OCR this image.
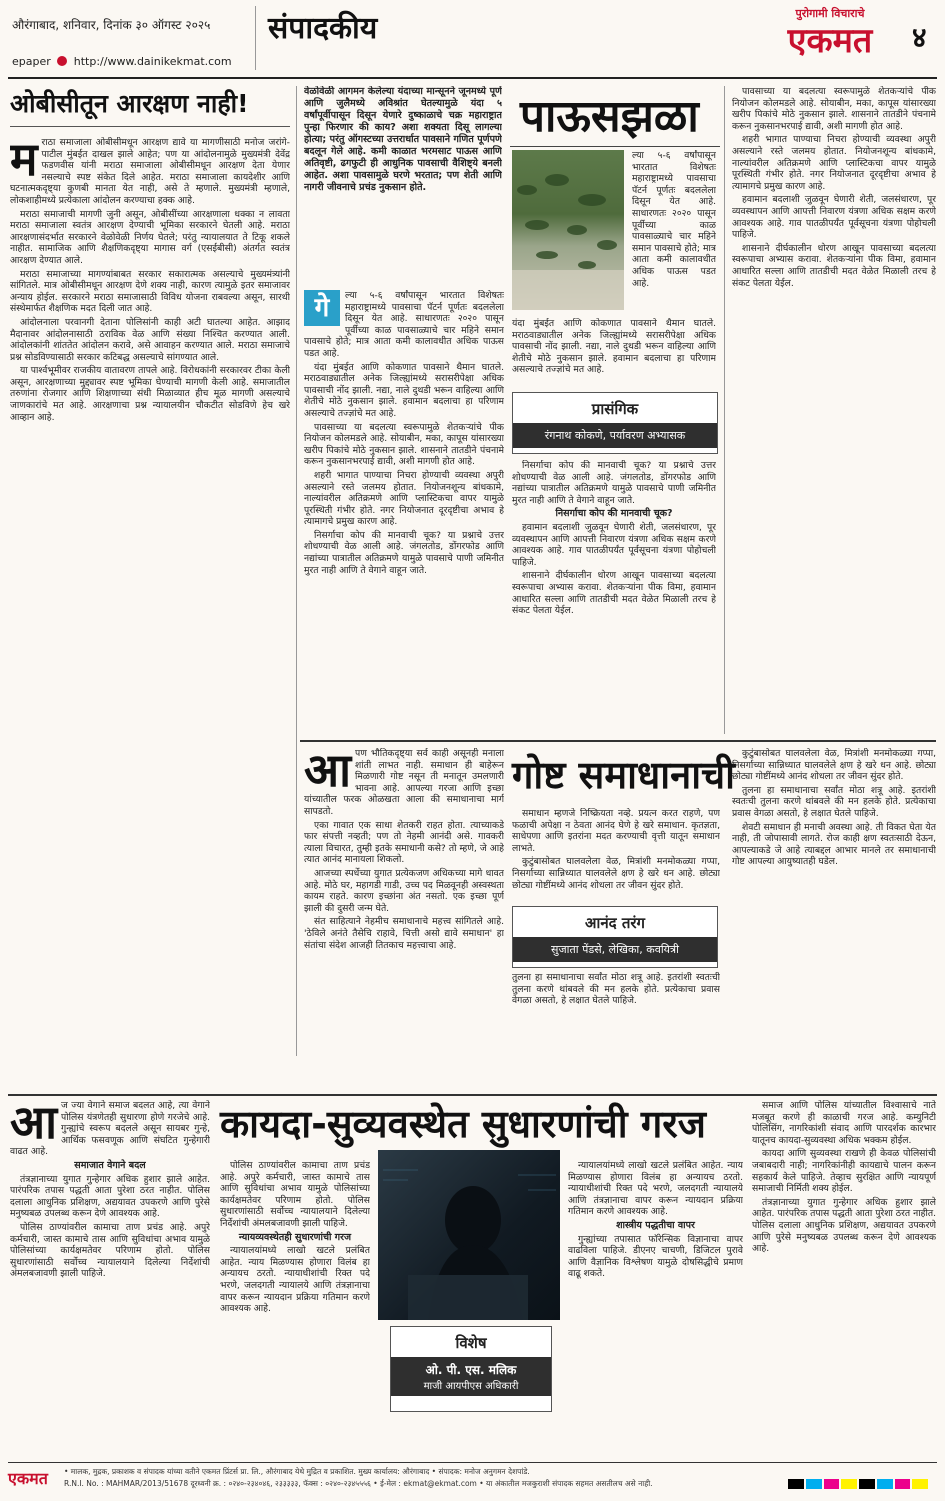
औरंगाबाद, शनिवार, दिनांक ३० ऑगस्ट २०२५ संपादकीय
epaper http://www.dainikekmat.com
पुरोगामी विचाराचे
एकमत	४
ओबीसीतून आरक्षण नाही!
म राठा समाजाला ओबीसीमधून आरक्षण द्यावे या मागणीसाठी मनोज जरांगे-पाटील मुंबईत दाखल झाले आहेत; पण या आंदोलनामुळे मुख्यमंत्री देवेंद्र फडणवीस यांनी मराठा समाजाला ओबीसीमधून आरक्षण देता येणार नसल्याचे स्पष्ट संकेत दिले आहेत. मराठा समाजाला कायदेशीर आणि घटनात्मकदृष्ट्या कुणबी मानता येत नाही, असे ते म्हणाले. मुख्यमंत्री म्हणाले, लोकशाहीमध्ये प्रत्येकाला आंदोलन करण्याचा हक्क आहे.

मराठा समाजाची मागणी जुनी असून, ओबीसींच्या आरक्षणाला धक्का न लावता मराठा समाजाला स्वतंत्र आरक्षण देण्याची भूमिका सरकारने घेतली आहे. मराठा आरक्षणासंदर्भात सरकारने वेळोवेळी निर्णय घेतले; परंतु न्यायालयात ते टिकू शकले नाहीत. सामाजिक आणि शैक्षणिकदृष्ट्या मागास वर्ग (एसईबीसी) अंतर्गत स्वतंत्र आरक्षण देण्यात आले.

मराठा समाजाच्या मागण्यांबाबत सरकार सकारात्मक असल्याचे मुख्यमंत्र्यांनी सांगितले. मात्र ओबीसीमधून आरक्षण देणे शक्य नाही, कारण त्यामुळे इतर समाजावर अन्याय होईल. सरकारने मराठा समाजासाठी विविध योजना राबवल्या असून, सारथी संस्थेमार्फत शैक्षणिक मदत दिली जात आहे.

आंदोलनाला परवानगी देताना पोलिसांनी काही अटी घातल्या आहेत. आझाद मैदानावर आंदोलनासाठी ठराविक वेळ आणि संख्या निश्चित करण्यात आली. आंदोलकांनी शांततेत आंदोलन करावे, असे आवाहन करण्यात आले. मराठा समाजाचे प्रश्न सोडविण्यासाठी सरकार कटिबद्ध असल्याचे सांगण्यात आले.

या पार्श्वभूमीवर राजकीय वातावरण तापले आहे. विरोधकांनी सरकारवर टीका केली असून, आरक्षणाच्या मुद्द्यावर स्पष्ट भूमिका घेण्याची मागणी केली आहे. समाजातील तरुणांना रोजगार आणि शिक्षणाच्या संधी मिळाव्यात हीच मूळ मागणी असल्याचे जाणकारांचे मत आहे. आरक्षणाचा प्रश्न न्यायालयीन चौकटीत सोडविणे हेच खरे आव्हान आहे.

वेळोवेळी आगमन केलेल्या यंदाच्या मान्सूनने जूनमध्ये पूर्ण आणि जुलैमध्ये अविश्रांत घेतल्यामुळे यंदा ५ वर्षांपूर्वीपासून दिसून येणारे दुष्काळाचे चक्र महाराष्ट्रात पुन्हा फिरणार की काय? अशा शक्यता दिसू लागल्या होत्या; परंतु ऑगस्टच्या उत्तरार्धात पावसाने गणित पूर्णपणे बदलून गेले आहे. कमी काळात भरमसाट पाऊस आणि अतिवृष्टी, ढगफुटी ही आधुनिक पावसाची वैशिष्ट्ये बनली आहेत. अशा पावसामुळे घरणे भरतात; पण शेती आणि नागरी जीवनाचे प्रचंड नुकसान होते.
पाऊसझळा
ल्या ५-६ वर्षांपासून भारतात विशेषतः महाराष्ट्रामध्ये पावसाचा पॅटर्न पूर्णतः बदललेला दिसून येत आहे. साधारणतः २०२० पासून पूर्वीच्या काळ पावसाळ्याचे चार महिने समान पावसाचे होते; मात्र आता कमी कालावधीत अधिक पाऊस पडत आहे.
यंदा मुंबईत आणि कोकणात पावसाने थैमान घातले. मराठवाड्यातील अनेक जिल्ह्यांमध्ये सरासरीपेक्षा अधिक पावसाची नोंद झाली. नद्या, नाले दुथडी भरून वाहिल्या आणि शेतीचे मोठे नुकसान झाले. हवामान बदलाचा हा परिणाम असल्याचे तज्ज्ञांचे मत आहे.

पावसाच्या या बदलत्या स्वरूपामुळे शेतकऱ्यांचे पीक नियोजन कोलमडले आहे. सोयाबीन, मका, कापूस यांसारख्या खरीप पिकांचे मोठे नुकसान झाले. शासनाने तातडीने पंचनामे करून नुकसानभरपाई द्यावी, अशी मागणी होत आहे.

शहरी भागात पाण्याचा निचरा होण्याची व्यवस्था अपुरी असल्याने रस्ते जलमय होतात. नियोजनशून्य बांधकामे, नाल्यांवरील अतिक्रमणे आणि प्लास्टिकचा वापर यामुळे पूरस्थिती गंभीर होते. नगर नियोजनात दूरदृष्टीचा अभाव हे त्यामागचे प्रमुख कारण आहे.

हवामान बदलाशी जुळवून घेणारी शेती, जलसंधारण, पूर व्यवस्थापन आणि आपत्ती निवारण यंत्रणा अधिक सक्षम करणे आवश्यक आहे. गाव पातळीपर्यंत पूर्वसूचना यंत्रणा पोहोचली पाहिजे.

शासनाने दीर्घकालीन धोरण आखून पावसाच्या बदलत्या स्वरूपाचा अभ्यास करावा. शेतकऱ्यांना पीक विमा, हवामान आधारित सल्ला आणि तातडीची मदत वेळेत मिळाली तरच हे संकट पेलता येईल.

गे	ल्या ५-६ वर्षांपासून भारतात विशेषतः महाराष्ट्रामध्ये पावसाचा पॅटर्न पूर्णतः बदललेला दिसून येत आहे. साधारणतः २०२० पासून पूर्वीच्या काळ पावसाळ्याचे चार महिने समान पावसाचे होते; मात्र आता कमी कालावधीत अधिक पाऊस पडत आहे.

यंदा मुंबईत आणि कोकणात पावसाने थैमान घातले. मराठवाड्यातील अनेक जिल्ह्यांमध्ये सरासरीपेक्षा अधिक पावसाची नोंद झाली. नद्या, नाले दुथडी भरून वाहिल्या आणि शेतीचे मोठे नुकसान झाले. हवामान बदलाचा हा परिणाम असल्याचे तज्ज्ञांचे मत आहे.

पावसाच्या या बदलत्या स्वरूपामुळे शेतकऱ्यांचे पीक नियोजन कोलमडले आहे. सोयाबीन, मका, कापूस यांसारख्या खरीप पिकांचे मोठे नुकसान झाले. शासनाने तातडीने पंचनामे करून नुकसानभरपाई द्यावी, अशी मागणी होत आहे.

शहरी भागात पाण्याचा निचरा होण्याची व्यवस्था अपुरी असल्याने रस्ते जलमय होतात. नियोजनशून्य बांधकामे, नाल्यांवरील अतिक्रमणे आणि प्लास्टिकचा वापर यामुळे पूरस्थिती गंभीर होते. नगर नियोजनात दूरदृष्टीचा अभाव हे त्यामागचे प्रमुख कारण आहे.

निसर्गाचा कोप की मानवाची चूक? या प्रश्नाचे उत्तर शोधण्याची वेळ आली आहे. जंगलतोड, डोंगरफोड आणि नद्यांच्या पात्रातील अतिक्रमणे यामुळे पावसाचे पाणी जमिनीत मुरत नाही आणि ते वेगाने वाहून जाते.

प्रासंगिक
रंगनाथ कोकणे, पर्यावरण अभ्यासक

निसर्गाचा कोप की मानवाची चूक? या प्रश्नाचे उत्तर शोधण्याची वेळ आली आहे. जंगलतोड, डोंगरफोड आणि नद्यांच्या पात्रातील अतिक्रमणे यामुळे पावसाचे पाणी जमिनीत मुरत नाही आणि ते वेगाने वाहून जाते.

निसर्गाचा कोप की मानवाची चूक?

हवामान बदलाशी जुळवून घेणारी शेती, जलसंधारण, पूर व्यवस्थापन आणि आपत्ती निवारण यंत्रणा अधिक सक्षम करणे आवश्यक आहे. गाव पातळीपर्यंत पूर्वसूचना यंत्रणा पोहोचली पाहिजे.

शासनाने दीर्घकालीन धोरण आखून पावसाच्या बदलत्या स्वरूपाचा अभ्यास करावा. शेतकऱ्यांना पीक विमा, हवामान आधारित सल्ला आणि तातडीची मदत वेळेत मिळाली तरच हे संकट पेलता येईल.

आ पण भौतिकदृष्ट्या सर्व काही असूनही मनाला शांती लाभत नाही. समाधान ही बाहेरून मिळणारी गोष्ट नसून ती मनातून उमलणारी भावना आहे. आपल्या गरजा आणि इच्छा यांच्यातील फरक ओळखता आला की समाधानाचा मार्ग सापडतो.

एका गावात एक साधा शेतकरी राहत होता. त्याच्याकडे फार संपत्ती नव्हती; पण तो नेहमी आनंदी असे. गावकरी त्याला विचारत, तुम्ही इतके समाधानी कसे? तो म्हणे, जे आहे त्यात आनंद मानायला शिकलो.

आजच्या स्पर्धेच्या युगात प्रत्येकजण अधिकच्या मागे धावत आहे. मोठे घर, महागडी गाडी, उच्च पद मिळवूनही अस्वस्थता कायम राहते. कारण इच्छांना अंत नसतो. एक इच्छा पूर्ण झाली की दुसरी जन्म घेते.

संत साहित्याने नेहमीच समाधानाचे महत्त्व सांगितले आहे. 'ठेविले अनंते तैसेचि राहावे, चित्ती असो द्यावे समाधान' हा संतांचा संदेश आजही तितकाच महत्त्वाचा आहे.

गोष्ट समाधानाची

समाधान म्हणजे निष्क्रियता नव्हे. प्रयत्न करत राहणे, पण फळाची अपेक्षा न ठेवता आनंद घेणे हे खरे समाधान. कृतज्ञता, साधेपणा आणि इतरांना मदत करण्याची वृत्ती यातून समाधान लाभते.

कुटुंबासोबत घालवलेला वेळ, मित्रांशी मनमोकळ्या गप्पा, निसर्गाच्या सान्निध्यात घालवलेले क्षण हे खरे धन आहे. छोट्या छोट्या गोष्टींमध्ये आनंद शोधला तर जीवन सुंदर होते.

आनंद तरंग
सुजाता पेंडसे, लेखिका, कवयित्री
तुलना हा समाधानाचा सर्वांत मोठा शत्रू आहे. इतरांशी स्वतःची तुलना करणे थांबवले की मन हलके होते. प्रत्येकाचा प्रवास वेगळा असतो, हे लक्षात घेतले पाहिजे.

कुटुंबासोबत घालवलेला वेळ, मित्रांशी मनमोकळ्या गप्पा, निसर्गाच्या सान्निध्यात घालवलेले क्षण हे खरे धन आहे. छोट्या छोट्या गोष्टींमध्ये आनंद शोधला तर जीवन सुंदर होते.

तुलना हा समाधानाचा सर्वांत मोठा शत्रू आहे. इतरांशी स्वतःची तुलना करणे थांबवले की मन हलके होते. प्रत्येकाचा प्रवास वेगळा असतो, हे लक्षात घेतले पाहिजे.

शेवटी समाधान ही मनाची अवस्था आहे. ती विकत घेता येत नाही, ती जोपासावी लागते. रोज काही क्षण स्वतःसाठी देऊन, आपल्याकडे जे आहे त्याबद्दल आभार मानले तर समाधानाची गोष्ट आपल्या आयुष्यातही घडेल.

कायदा-सुव्यवस्थेत सुधारणांची गरज
आ ज ज्या वेगाने समाज बदलत आहे, त्या वेगाने पोलिस यंत्रणेतही सुधारणा होणे गरजेचे आहे. गुन्ह्यांचे स्वरूप बदलले असून सायबर गुन्हे, आर्थिक फसवणूक आणि संघटित गुन्हेगारी वाढत आहे.

समाजात वेगाने बदल

तंत्रज्ञानाच्या युगात गुन्हेगार अधिक हुशार झाले आहेत. पारंपरिक तपास पद्धती आता पुरेशा ठरत नाहीत. पोलिस दलाला आधुनिक प्रशिक्षण, अद्ययावत उपकरणे आणि पुरेसे मनुष्यबळ उपलब्ध करून देणे आवश्यक आहे.

पोलिस ठाण्यांवरील कामाचा ताण प्रचंड आहे. अपुरे कर्मचारी, जास्त कामाचे तास आणि सुविधांचा अभाव यामुळे पोलिसांच्या कार्यक्षमतेवर परिणाम होतो. पोलिस सुधारणांसाठी सर्वोच्च न्यायालयाने दिलेल्या निर्देशांची अंमलबजावणी झाली पाहिजे.

पोलिस ठाण्यांवरील कामाचा ताण प्रचंड आहे. अपुरे कर्मचारी, जास्त कामाचे तास आणि सुविधांचा अभाव यामुळे पोलिसांच्या कार्यक्षमतेवर परिणाम होतो. पोलिस सुधारणांसाठी सर्वोच्च न्यायालयाने दिलेल्या निर्देशांची अंमलबजावणी झाली पाहिजे.

न्यायव्यवस्थेतही सुधारणांची गरज

न्यायालयांमध्ये लाखो खटले प्रलंबित आहेत. न्याय मिळण्यास होणारा विलंब हा अन्यायच ठरतो. न्यायाधीशांची रिक्त पदे भरणे, जलदगती न्यायालये आणि तंत्रज्ञानाचा वापर करून न्यायदान प्रक्रिया गतिमान करणे आवश्यक आहे.

विशेष
ओ. पी. एस. मलिक
माजी आयपीएस अधिकारी

न्यायालयांमध्ये लाखो खटले प्रलंबित आहेत. न्याय मिळण्यास होणारा विलंब हा अन्यायच ठरतो. न्यायाधीशांची रिक्त पदे भरणे, जलदगती न्यायालये आणि तंत्रज्ञानाचा वापर करून न्यायदान प्रक्रिया गतिमान करणे आवश्यक आहे.

शास्त्रीय पद्धतीचा वापर

गुन्ह्यांच्या तपासात फॉरेन्सिक विज्ञानाचा वापर वाढविला पाहिजे. डीएनए चाचणी, डिजिटल पुरावे आणि वैज्ञानिक विश्लेषण यामुळे दोषसिद्धीचे प्रमाण वाढू शकते.

समाज आणि पोलिस यांच्यातील विश्वासाचे नाते मजबूत करणे ही काळाची गरज आहे. कम्युनिटी पोलिसिंग, नागरिकांशी संवाद आणि पारदर्शक कारभार यातूनच कायदा-सुव्यवस्था अधिक भक्कम होईल.

कायदा आणि सुव्यवस्था राखणे ही केवळ पोलिसांची जबाबदारी नाही; नागरिकांनीही कायद्याचे पालन करून सहकार्य केले पाहिजे. तेव्हाच सुरक्षित आणि न्यायपूर्ण समाजाची निर्मिती शक्य होईल.

तंत्रज्ञानाच्या युगात गुन्हेगार अधिक हुशार झाले आहेत. पारंपरिक तपास पद्धती आता पुरेशा ठरत नाहीत. पोलिस दलाला आधुनिक प्रशिक्षण, अद्ययावत उपकरणे आणि पुरेसे मनुष्यबळ उपलब्ध करून देणे आवश्यक आहे.

एकमत • मालक, मुद्रक, प्रकाशक व संपादक यांच्या वतीने एकमत प्रिंटर्स प्रा. लि., औरंगाबाद येथे मुद्रित व प्रकाशित. मुख्य कार्यालय: औरंगाबाद • संपादक: मनोज अनुगमन देशपांडे.
R.N.I. No. : MAHMAR/2013/51678 दूरध्वनी क्र. : ०२४०-२३४०४६, २३३३३३, फॅक्स : ०२४०-२३४५५५६ • ई-मेल : ekmat@ekmat.com • या अंकातील मजकुराशी संपादक सहमत असतीलच असे नाही.
